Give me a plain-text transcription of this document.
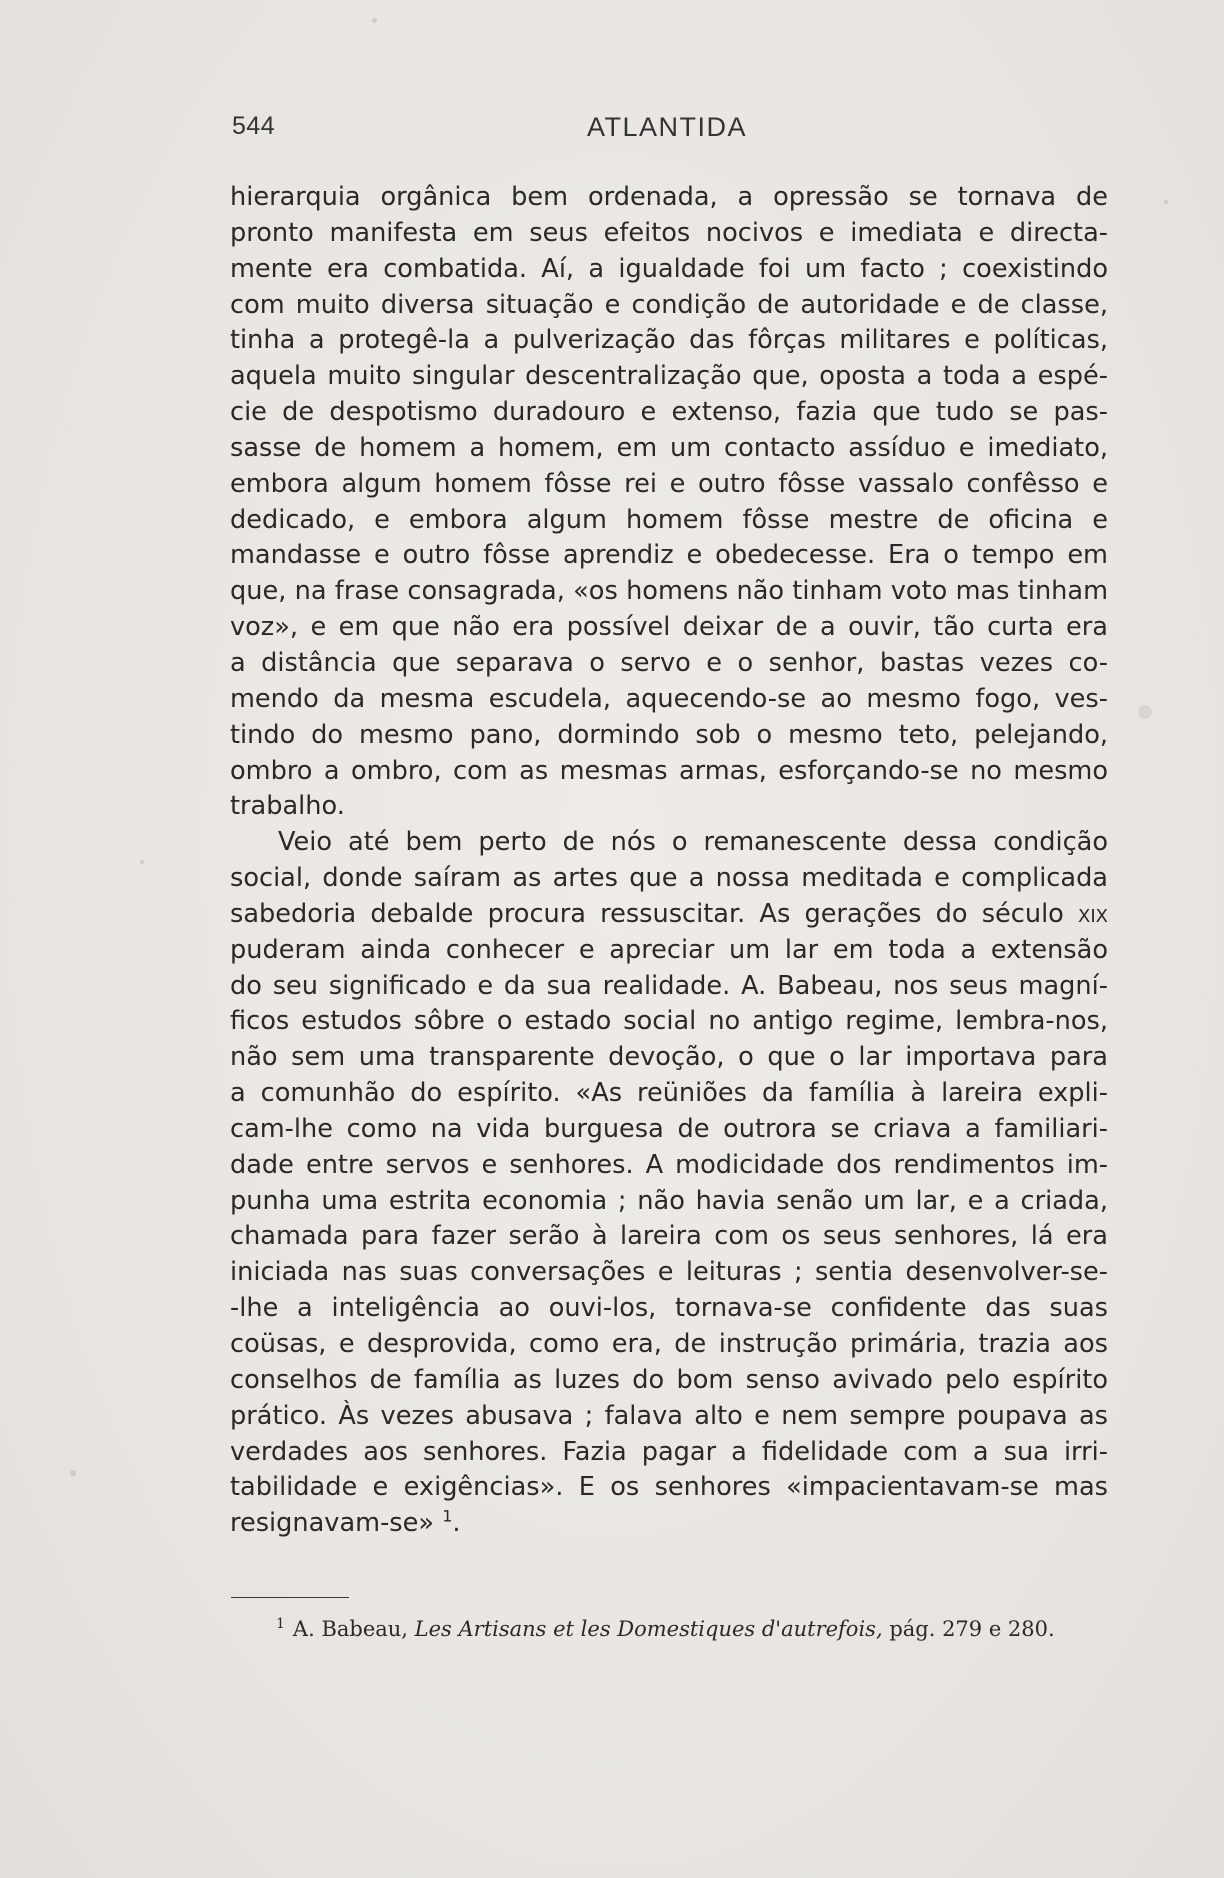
544	ATLANTIDA
hierarquia orgânica bem ordenada, a opressão se tornava de
pronto manifesta em seus efeitos nocivos e imediata e directa-
mente era combatida. Aí, a igualdade foi um facto ; coexistindo
com muito diversa situação e condição de autoridade e de classe,
tinha a protegê-la a pulverização das fôrças militares e políticas,
aquela muito singular descentralização que, oposta a toda a espé-
cie de despotismo duradouro e extenso, fazia que tudo se pas-
sasse de homem a homem, em um contacto assíduo e imediato,
embora algum homem fôsse rei e outro fôsse vassalo confêsso e
dedicado, e embora algum homem fôsse mestre de oficina e
mandasse e outro fôsse aprendiz e obedecesse. Era o tempo em
que, na frase consagrada, «os homens não tinham voto mas tinham
voz», e em que não era possível deixar de a ouvir, tão curta era
a distância que separava o servo e o senhor, bastas vezes co-
mendo da mesma escudela, aquecendo-se ao mesmo fogo, ves-
tindo do mesmo pano, dormindo sob o mesmo teto, pelejando,
ombro a ombro, com as mesmas armas, esforçando-se no mesmo
trabalho.
Veio até bem perto de nós o remanescente dessa condição
social, donde saíram as artes que a nossa meditada e complicada
sabedoria debalde procura ressuscitar. As gerações do século xix
puderam ainda conhecer e apreciar um lar em toda a extensão
do seu significado e da sua realidade. A. Babeau, nos seus magní-
ficos estudos sôbre o estado social no antigo regime, lembra-nos,
não sem uma transparente devoção, o que o lar importava para
a comunhão do espírito. «As reüniões da família à lareira expli-
cam-lhe como na vida burguesa de outrora se criava a familiari-
dade entre servos e senhores. A modicidade dos rendimentos im-
punha uma estrita economia ; não havia senão um lar, e a criada,
chamada para fazer serão à lareira com os seus senhores, lá era
iniciada nas suas conversações e leituras ; sentia desenvolver-se-
-lhe a inteligência ao ouvi-los, tornava-se confidente das suas
coüsas, e desprovida, como era, de instrução primária, trazia aos
conselhos de família as luzes do bom senso avivado pelo espírito
prático. Às vezes abusava ; falava alto e nem sempre poupava as
verdades aos senhores. Fazia pagar a fidelidade com a sua irri-
tabilidade e exigências». E os senhores «impacientavam-se mas
resignavam-se» $^1$.
$^1$ A. Babeau, Les Artisans et les Domestiques d'autrefois, pág. 279 e 280.
